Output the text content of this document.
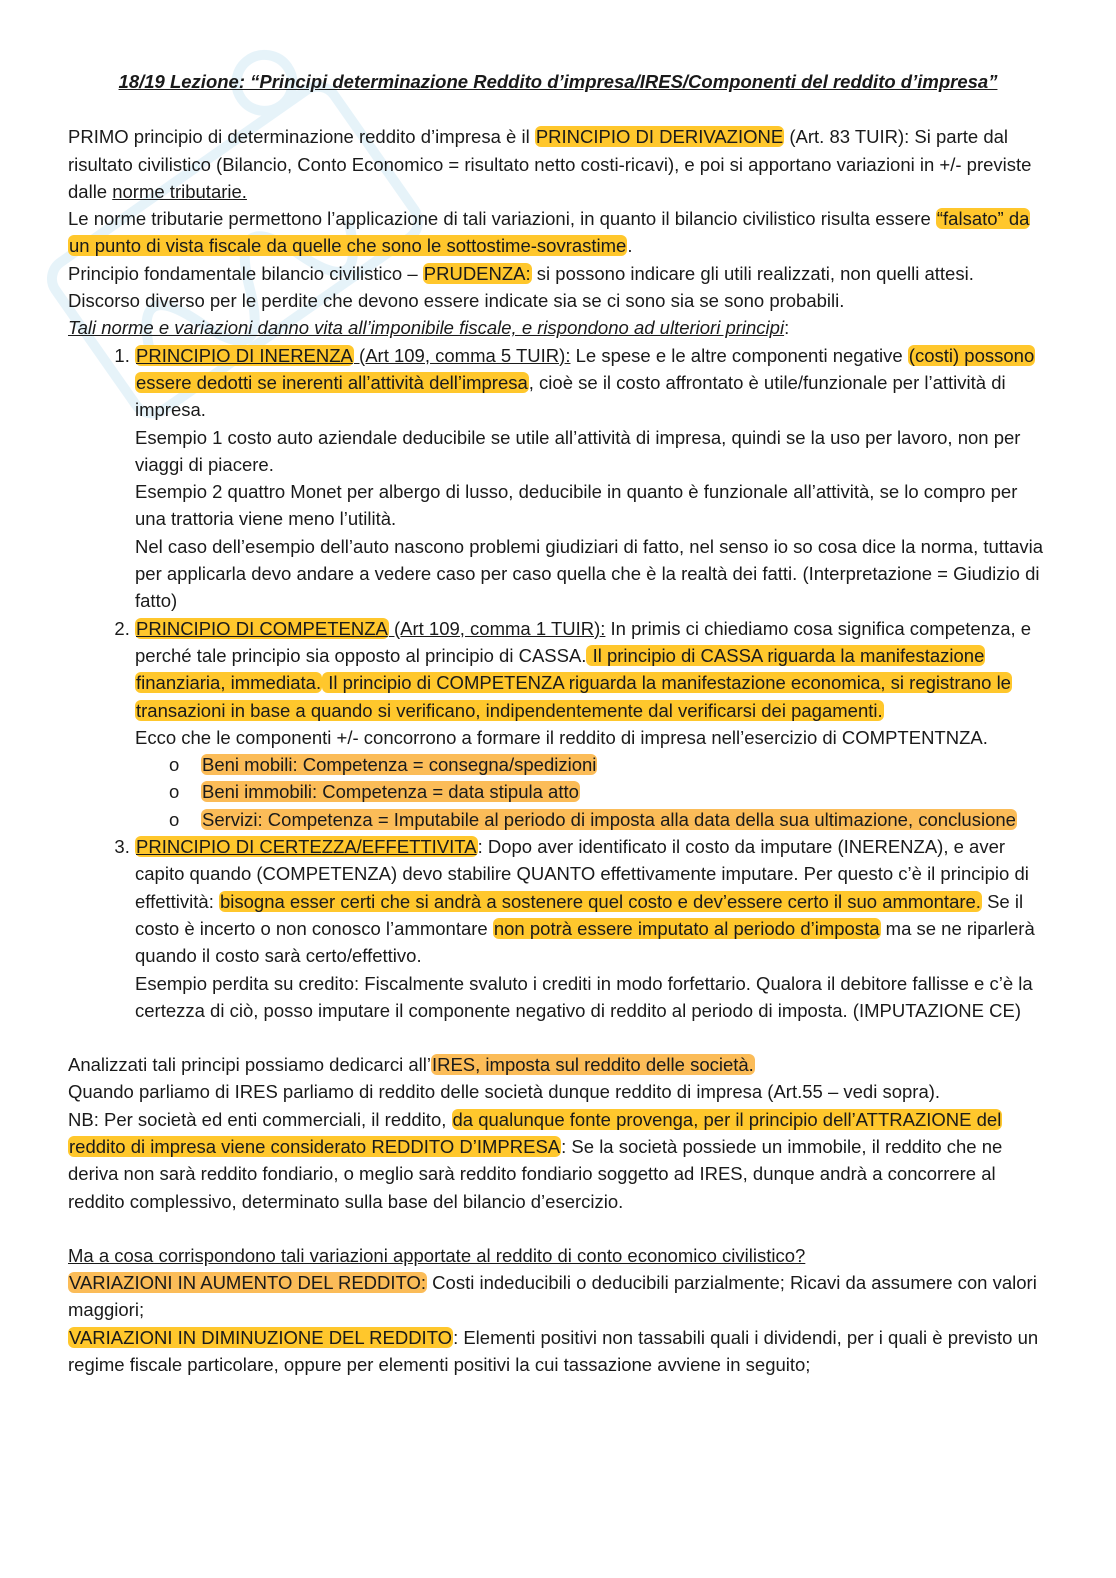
18/19 Lezione: “Principi determinazione Reddito d’impresa/IRES/Componenti del reddito d’impresa”

PRIMO principio di determinazione reddito d’impresa è il PRINCIPIO DI DERIVAZIONE (Art. 83 TUIR): Si parte dal risultato civilistico (Bilancio, Conto Economico = risultato netto costi-ricavi), e poi si apportano variazioni in +/- previste dalle norme tributarie.

Le norme tributarie permettono l’applicazione di tali variazioni, in quanto il bilancio civilistico risulta essere “falsato” da un punto di vista fiscale da quelle che sono le sottostime-sovrastime.

Principio fondamentale bilancio civilistico – PRUDENZA: si possono indicare gli utili realizzati, non quelli attesi. Discorso diverso per le perdite che devono essere indicate sia se ci sono sia se sono probabili.

Tali norme e variazioni danno vita all’imponibile fiscale, e rispondono ad ulteriori principi:

1. PRINCIPIO DI INERENZA (Art 109, comma 5 TUIR): Le spese e le altre componenti negative (costi) possono essere dedotti se inerenti all’attività dell’impresa, cioè se il costo affrontato è utile/funzionale per l’attività di impresa.

Esempio 1 costo auto aziendale deducibile se utile all’attività di impresa, quindi se la uso per lavoro, non per viaggi di piacere.

Esempio 2 quattro Monet per albergo di lusso, deducibile in quanto è funzionale all’attività, se lo compro per una trattoria viene meno l’utilità.

Nel caso dell’esempio dell’auto nascono problemi giudiziari di fatto, nel senso io so cosa dice la norma, tuttavia per applicarla devo andare a vedere caso per caso quella che è la realtà dei fatti. (Interpretazione = Giudizio di fatto)

2. PRINCIPIO DI COMPETENZA (Art 109, comma 1 TUIR): In primis ci chiediamo cosa significa competenza, e perché tale principio sia opposto al principio di CASSA. Il principio di CASSA riguarda la manifestazione finanziaria, immediata. Il principio di COMPETENZA riguarda la manifestazione economica, si registrano le transazioni in base a quando si verificano, indipendentemente dal verificarsi dei pagamenti.

Ecco che le componenti +/- concorrono a formare il reddito di impresa nell’esercizio di COMPTENTNZA.

o Beni mobili: Competenza = consegna/spedizioni
o Beni immobili: Competenza = data stipula atto
o Servizi: Competenza = Imputabile al periodo di imposta alla data della sua ultimazione, conclusione

3. PRINCIPIO DI CERTEZZA/EFFETTIVITA: Dopo aver identificato il costo da imputare (INERENZA), e aver capito quando (COMPETENZA) devo stabilire QUANTO effettivamente imputare. Per questo c’è il principio di effettività: bisogna esser certi che si andrà a sostenere quel costo e dev’essere certo il suo ammontare. Se il costo è incerto o non conosco l’ammontare non potrà essere imputato al periodo d’imposta ma se ne riparlerà quando il costo sarà certo/effettivo.

Esempio perdita su credito: Fiscalmente svaluto i crediti in modo forfettario. Qualora il debitore fallisse e c’è la certezza di ciò, posso imputare il componente negativo di reddito al periodo di imposta. (IMPUTAZIONE CE)

Analizzati tali principi possiamo dedicarci all’IRES, imposta sul reddito delle società.

Quando parliamo di IRES parliamo di reddito delle società dunque reddito di impresa (Art.55 – vedi sopra).

NB: Per società ed enti commerciali, il reddito, da qualunque fonte provenga, per il principio dell’ATTRAZIONE del reddito di impresa viene considerato REDDITO D’IMPRESA: Se la società possiede un immobile, il reddito che ne deriva non sarà reddito fondiario, o meglio sarà reddito fondiario soggetto ad IRES, dunque andrà a concorrere al reddito complessivo, determinato sulla base del bilancio d’esercizio.

Ma a cosa corrispondono tali variazioni apportate al reddito di conto economico civilistico?

VARIAZIONI IN AUMENTO DEL REDDITO: Costi indeducibili o deducibili parzialmente; Ricavi da assumere con valori maggiori;

VARIAZIONI IN DIMINUZIONE DEL REDDITO: Elementi positivi non tassabili quali i dividendi, per i quali è previsto un regime fiscale particolare, oppure per elementi positivi la cui tassazione avviene in seguito;
